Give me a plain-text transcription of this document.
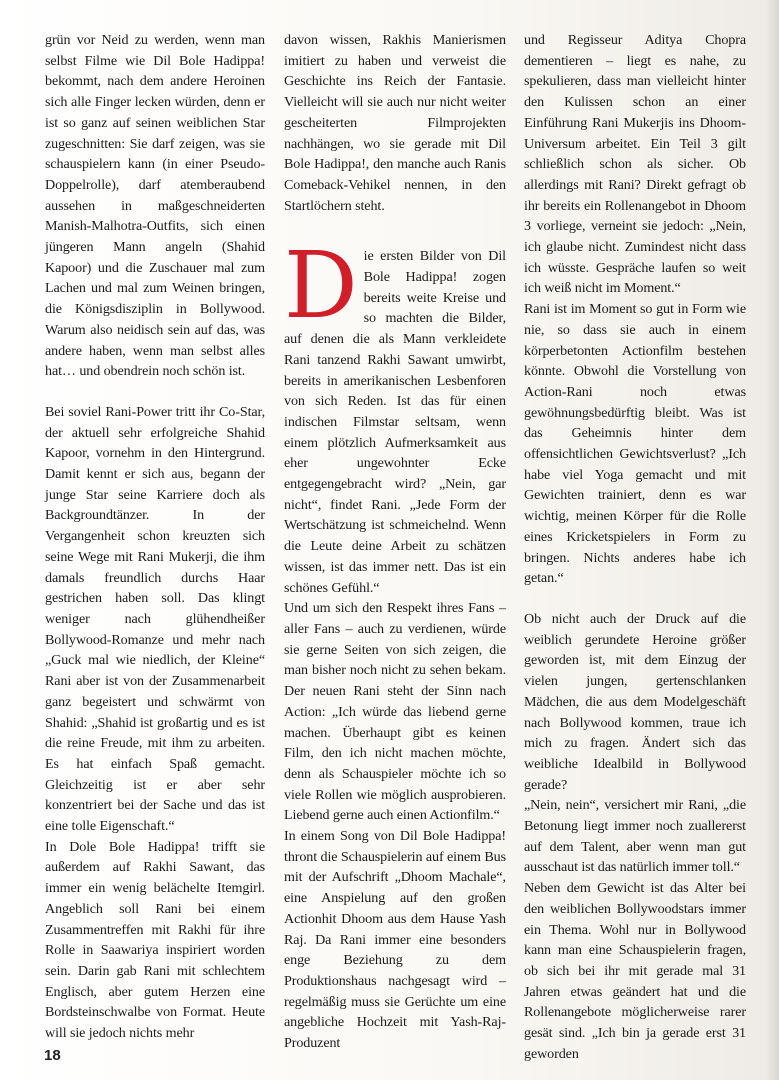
grün vor Neid zu werden, wenn man selbst Filme wie Dil Bole Hadippa! bekommt, nach dem andere Heroinen sich alle Finger lecken würden, denn er ist so ganz auf seinen weiblichen Star zugeschnitten: Sie darf zeigen, was sie schauspielern kann (in einer Pseudo-Doppelrolle), darf atemberaubend aussehen in maßgeschneiderten Manish-Malhotra-Outfits, sich einen jüngeren Mann angeln (Shahid Kapoor) und die Zuschauer mal zum Lachen und mal zum Weinen bringen, die Königsdisziplin in Bollywood. Warum also neidisch sein auf das, was andere haben, wenn man selbst alles hat… und obendrein noch schön ist.

Bei soviel Rani-Power tritt ihr Co-Star, der aktuell sehr erfolgreiche Shahid Kapoor, vornehm in den Hintergrund. Damit kennt er sich aus, begann der junge Star seine Karriere doch als Backgroundtänzer. In der Vergangenheit schon kreuzten sich seine Wege mit Rani Mukerji, die ihm damals freundlich durchs Haar gestrichen haben soll. Das klingt weniger nach glühendheißer Bollywood-Romanze und mehr nach „Guck mal wie niedlich, der Kleine“ Rani aber ist von der Zusammenarbeit ganz begeistert und schwärmt von Shahid: „Shahid ist großartig und es ist die reine Freude, mit ihm zu arbeiten. Es hat einfach Spaß gemacht. Gleichzeitig ist er aber sehr konzentriert bei der Sache und das ist eine tolle Eigenschaft.“

In Dole Bole Hadippa! trifft sie außerdem auf Rakhi Sawant, das immer ein wenig belächelte Itemgirl. Angeblich soll Rani bei einem Zusammentreffen mit Rakhi für ihre Rolle in Saawariya inspiriert worden sein. Darin gab Rani mit schlechtem Englisch, aber gutem Herzen eine Bordsteinschwalbe von Format. Heute will sie jedoch nichts mehr

davon wissen, Rakhis Manierismen imitiert zu haben und verweist die Geschichte ins Reich der Fantasie. Vielleicht will sie auch nur nicht weiter gescheiterten Filmprojekten nachhängen, wo sie gerade mit Dil Bole Hadippa!, den manche auch Ranis Comeback-Vehikel nennen, in den Startlöchern steht.

Die ersten Bilder von Dil Bole Hadippa! zogen bereits weite Kreise und so machten die Bilder, auf denen die als Mann verkleidete Rani tanzend Rakhi Sawant umwirbt, bereits in amerikanischen Lesbenforen von sich Reden. Ist das für einen indischen Filmstar seltsam, wenn einem plötzlich Aufmerksamkeit aus eher ungewohnter Ecke entgegengebracht wird? „Nein, gar nicht“, findet Rani. „Jede Form der Wertschätzung ist schmeichelnd. Wenn die Leute deine Arbeit zu schätzen wissen, ist das immer nett. Das ist ein schönes Gefühl.“

Und um sich den Respekt ihres Fans – aller Fans – auch zu verdienen, würde sie gerne Seiten von sich zeigen, die man bisher noch nicht zu sehen bekam. Der neuen Rani steht der Sinn nach Action: „Ich würde das liebend gerne machen. Überhaupt gibt es keinen Film, den ich nicht machen möchte, denn als Schauspieler möchte ich so viele Rollen wie möglich ausprobieren. Liebend gerne auch einen Actionfilm.“

In einem Song von Dil Bole Hadippa! thront die Schauspielerin auf einem Bus mit der Aufschrift „Dhoom Machale“, eine Anspielung auf den großen Actionhit Dhoom aus dem Hause Yash Raj. Da Rani immer eine besonders enge Beziehung zu dem Produktionshaus nachgesagt wird – regelmäßig muss sie Gerüchte um eine angebliche Hochzeit mit Yash-Raj-Produzent

und Regisseur Aditya Chopra dementieren – liegt es nahe, zu spekulieren, dass man vielleicht hinter den Kulissen schon an einer Einführung Rani Mukerjis ins Dhoom-Universum arbeitet. Ein Teil 3 gilt schließlich schon als sicher. Ob allerdings mit Rani? Direkt gefragt ob ihr bereits ein Rollenangebot in Dhoom 3 vorliege, verneint sie jedoch: „Nein, ich glaube nicht. Zumindest nicht dass ich wüsste. Gespräche laufen so weit ich weiß nicht im Moment.“

Rani ist im Moment so gut in Form wie nie, so dass sie auch in einem körperbetonten Actionfilm bestehen könnte. Obwohl die Vorstellung von Action-Rani noch etwas gewöhnungsbedürftig bleibt. Was ist das Geheimnis hinter dem offensichtlichen Gewichtsverlust? „Ich habe viel Yoga gemacht und mit Gewichten trainiert, denn es war wichtig, meinen Körper für die Rolle eines Kricketspielers in Form zu bringen. Nichts anderes habe ich getan.“

Ob nicht auch der Druck auf die weiblich gerundete Heroine größer geworden ist, mit dem Einzug der vielen jungen, gertenschlanken Mädchen, die aus dem Modelgeschäft nach Bollywood kommen, traue ich mich zu fragen. Ändert sich das weibliche Idealbild in Bollywood gerade?

„Nein, nein“, versichert mir Rani, „die Betonung liegt immer noch zuallererst auf dem Talent, aber wenn man gut ausschaut ist das natürlich immer toll.“

Neben dem Gewicht ist das Alter bei den weiblichen Bollywoodstars immer ein Thema. Wohl nur in Bollywood kann man eine Schauspielerin fragen, ob sich bei ihr mit gerade mal 31 Jahren etwas geändert hat und die Rollenangebote möglicherweise rarer gesät sind. „Ich bin ja gerade erst 31 geworden

18
